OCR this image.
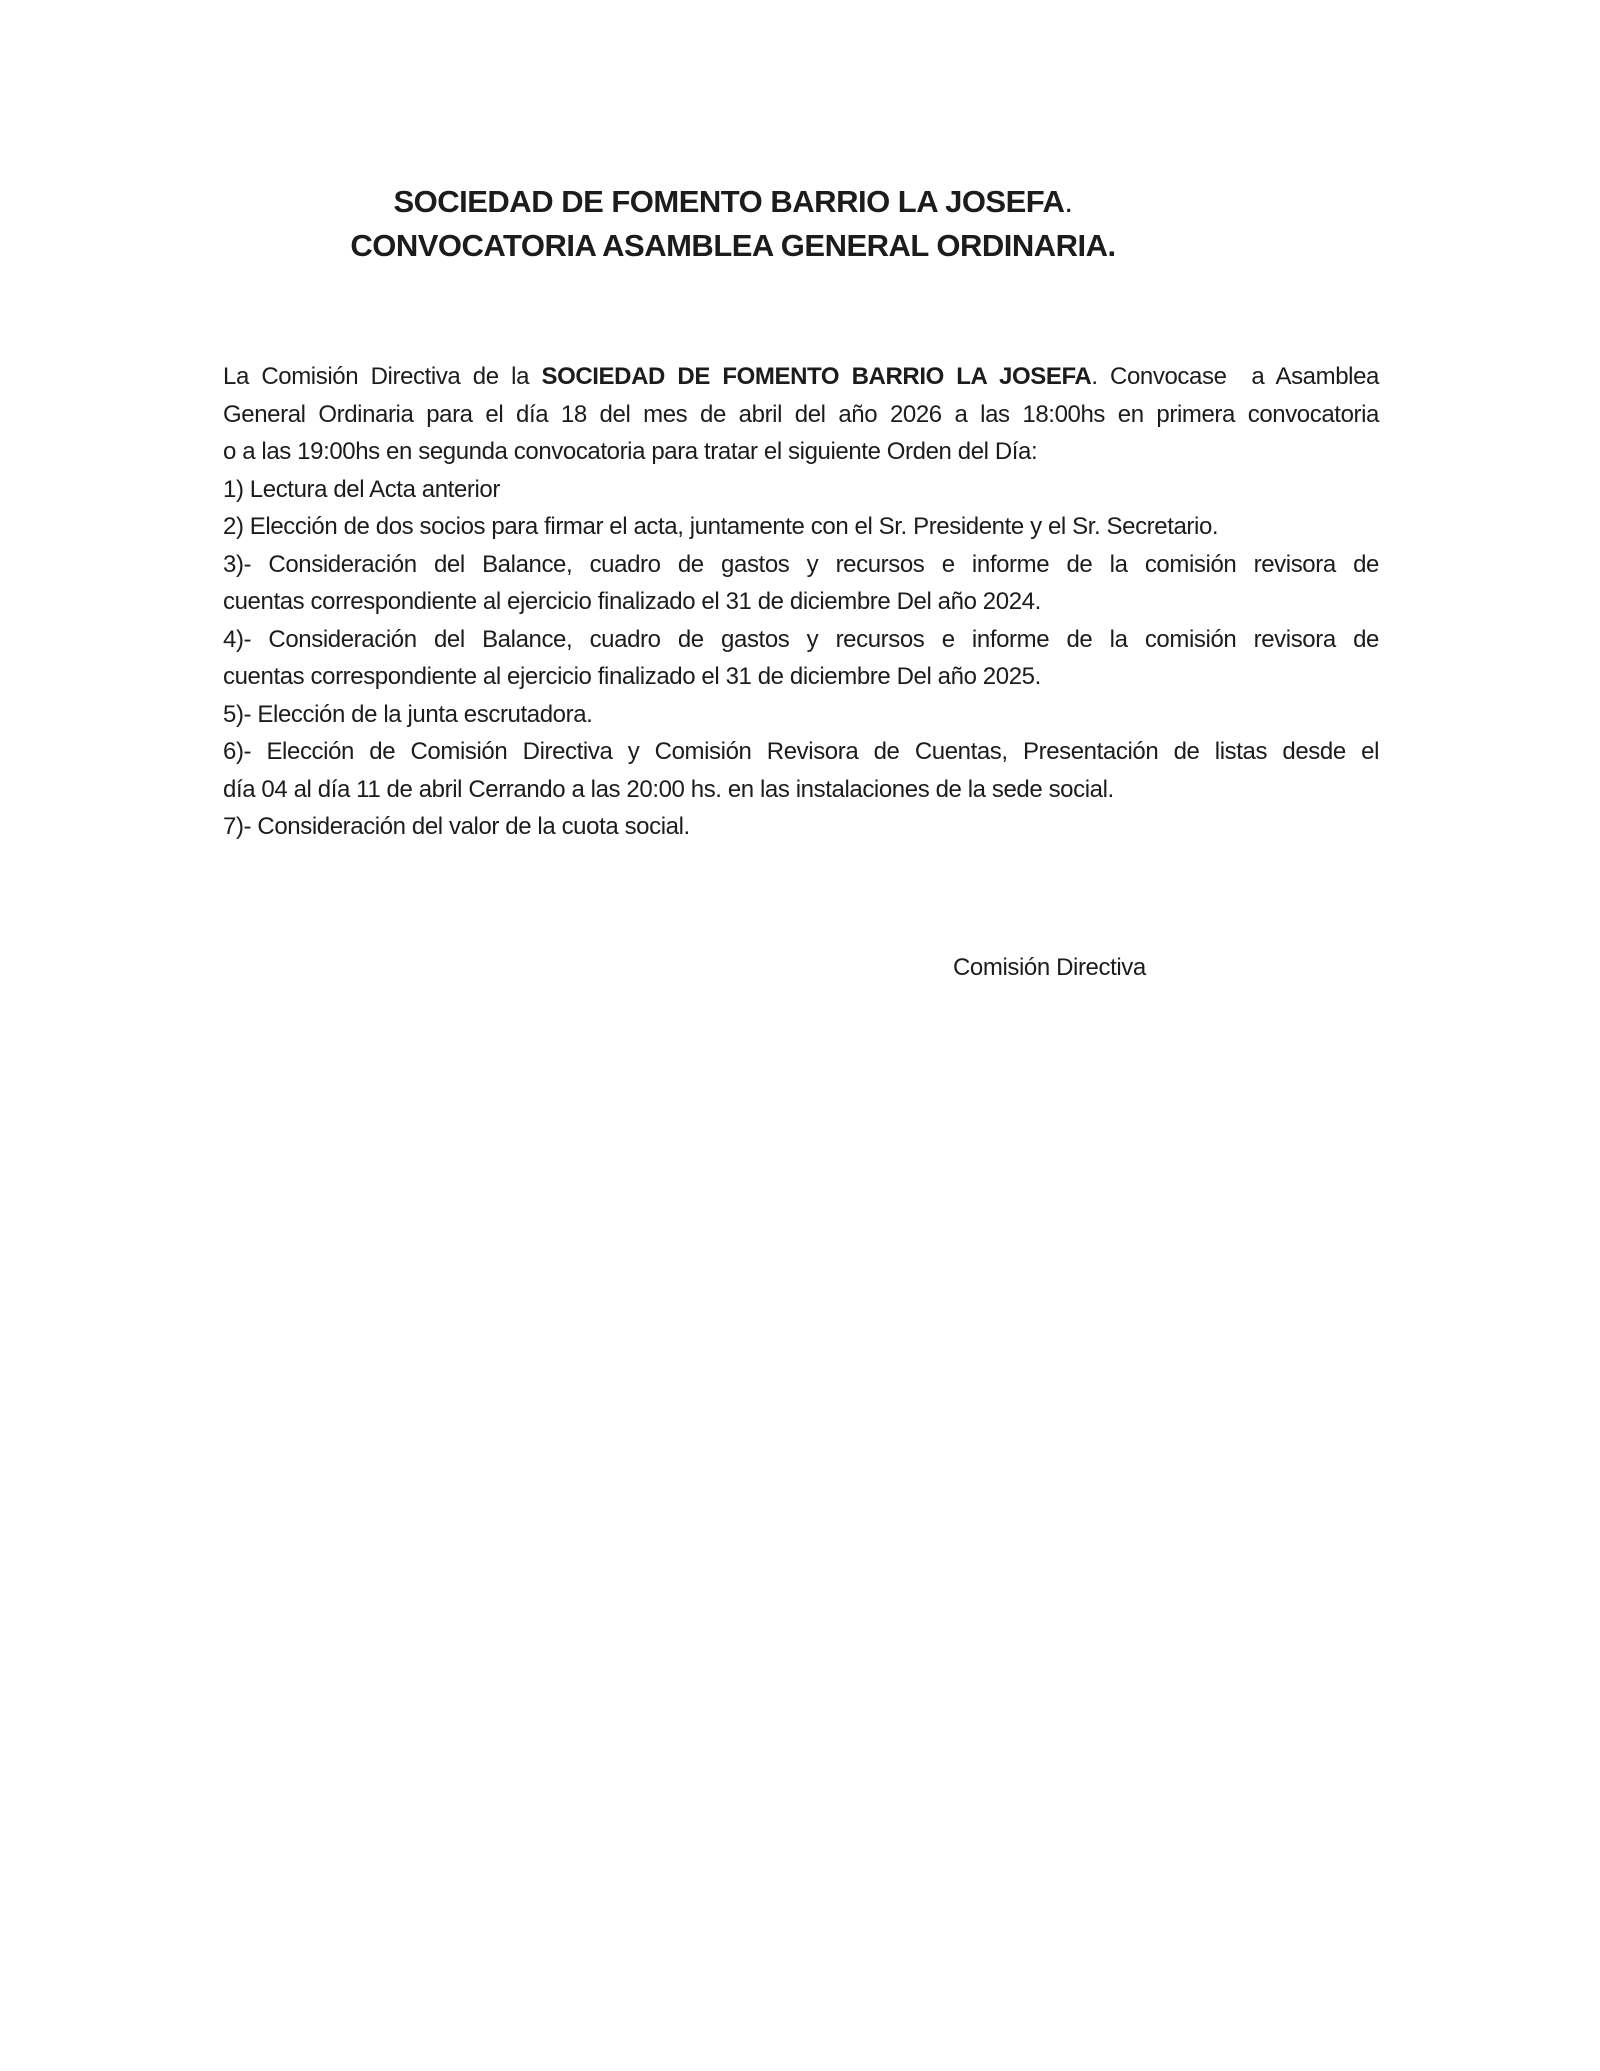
SOCIEDAD DE FOMENTO BARRIO LA JOSEFA.
CONVOCATORIA ASAMBLEA GENERAL ORDINARIA.
La Comisión Directiva de la SOCIEDAD DE FOMENTO BARRIO LA JOSEFA. Convocase  a Asamblea
General Ordinaria para el día 18 del mes de abril del año 2026 a las 18:00hs en primera convocatoria
o a las 19:00hs en segunda convocatoria para tratar el siguiente Orden del Día:
1) Lectura del Acta anterior
2) Elección de dos socios para firmar el acta, juntamente con el Sr. Presidente y el Sr. Secretario.
3)- Consideración del Balance, cuadro de gastos y recursos e informe de la comisión revisora de
cuentas correspondiente al ejercicio finalizado el 31 de diciembre Del año 2024.
4)- Consideración del Balance, cuadro de gastos y recursos e informe de la comisión revisora de
cuentas correspondiente al ejercicio finalizado el 31 de diciembre Del año 2025.
5)- Elección de la junta escrutadora.
6)- Elección de Comisión Directiva y Comisión Revisora de Cuentas, Presentación de listas desde el
día 04 al día 11 de abril Cerrando a las 20:00 hs. en las instalaciones de la sede social.
7)- Consideración del valor de la cuota social.
Comisión Directiva
